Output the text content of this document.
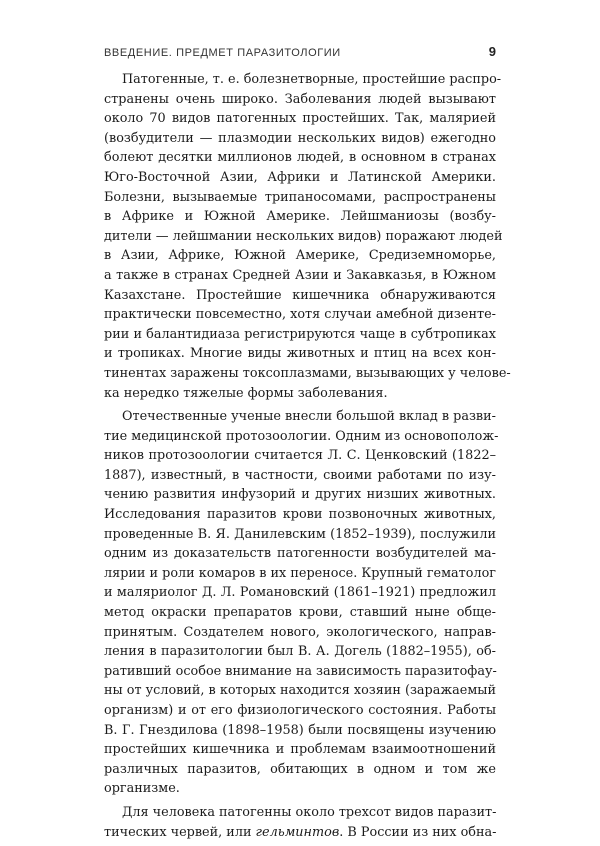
ВВЕДЕНИЕ. ПРЕДМЕТ ПАРАЗИТОЛОГИИ	9

Патогенные, т. е. болезнетворные, простейшие распро-
странены очень широко. Заболевания людей вызывают
около 70 видов патогенных простейших. Так, малярией
(возбудители — плазмодии нескольких видов) ежегодно
болеют десятки миллионов людей, в основном в странах
Юго-Восточной Азии, Африки и Латинской Америки.
Болезни, вызываемые трипаносомами, распространены
в Африке и Южной Америке. Лейшманиозы (возбу-
дители — лейшмании нескольких видов) поражают людей
в Азии, Африке, Южной Америке, Средиземноморье,
а также в странах Средней Азии и Закавказья, в Южном
Казахстане. Простейшие кишечника обнаруживаются
практически повсеместно, хотя случаи амебной дизенте-
рии и балантидиаза регистрируются чаще в субтропиках
и тропиках. Многие виды животных и птиц на всех кон-
тинентах заражены токсоплазмами, вызывающих у челове-
ка нередко тяжелые формы заболевания.

Отечественные ученые внесли большой вклад в разви-
тие медицинской протозоологии. Одним из основополож-
ников протозоологии считается Л. С. Ценковский (1822–
1887), известный, в частности, своими работами по изу-
чению развития инфузорий и других низших животных.
Исследования паразитов крови позвоночных животных,
проведенные В. Я. Данилевским (1852–1939), послужили
одним из доказательств патогенности возбудителей ма-
лярии и роли комаров в их переносе. Крупный гематолог
и маляриолог Д. Л. Романовский (1861–1921) предложил
метод окраски препаратов крови, ставший ныне обще-
принятым. Создателем нового, экологического, направ-
ления в паразитологии был В. А. Догель (1882–1955), об-
ративший особое внимание на зависимость паразитофау-
ны от условий, в которых находится хозяин (заражаемый
организм) и от его физиологического состояния. Работы
В. Г. Гнездилова (1898–1958) были посвящены изучению
простейших кишечника и проблемам взаимоотношений
различных паразитов, обитающих в одном и том же
организме.

Для человека патогенны около трехсот видов паразит-
тических червей, или гельминтов. В России из них обна-
